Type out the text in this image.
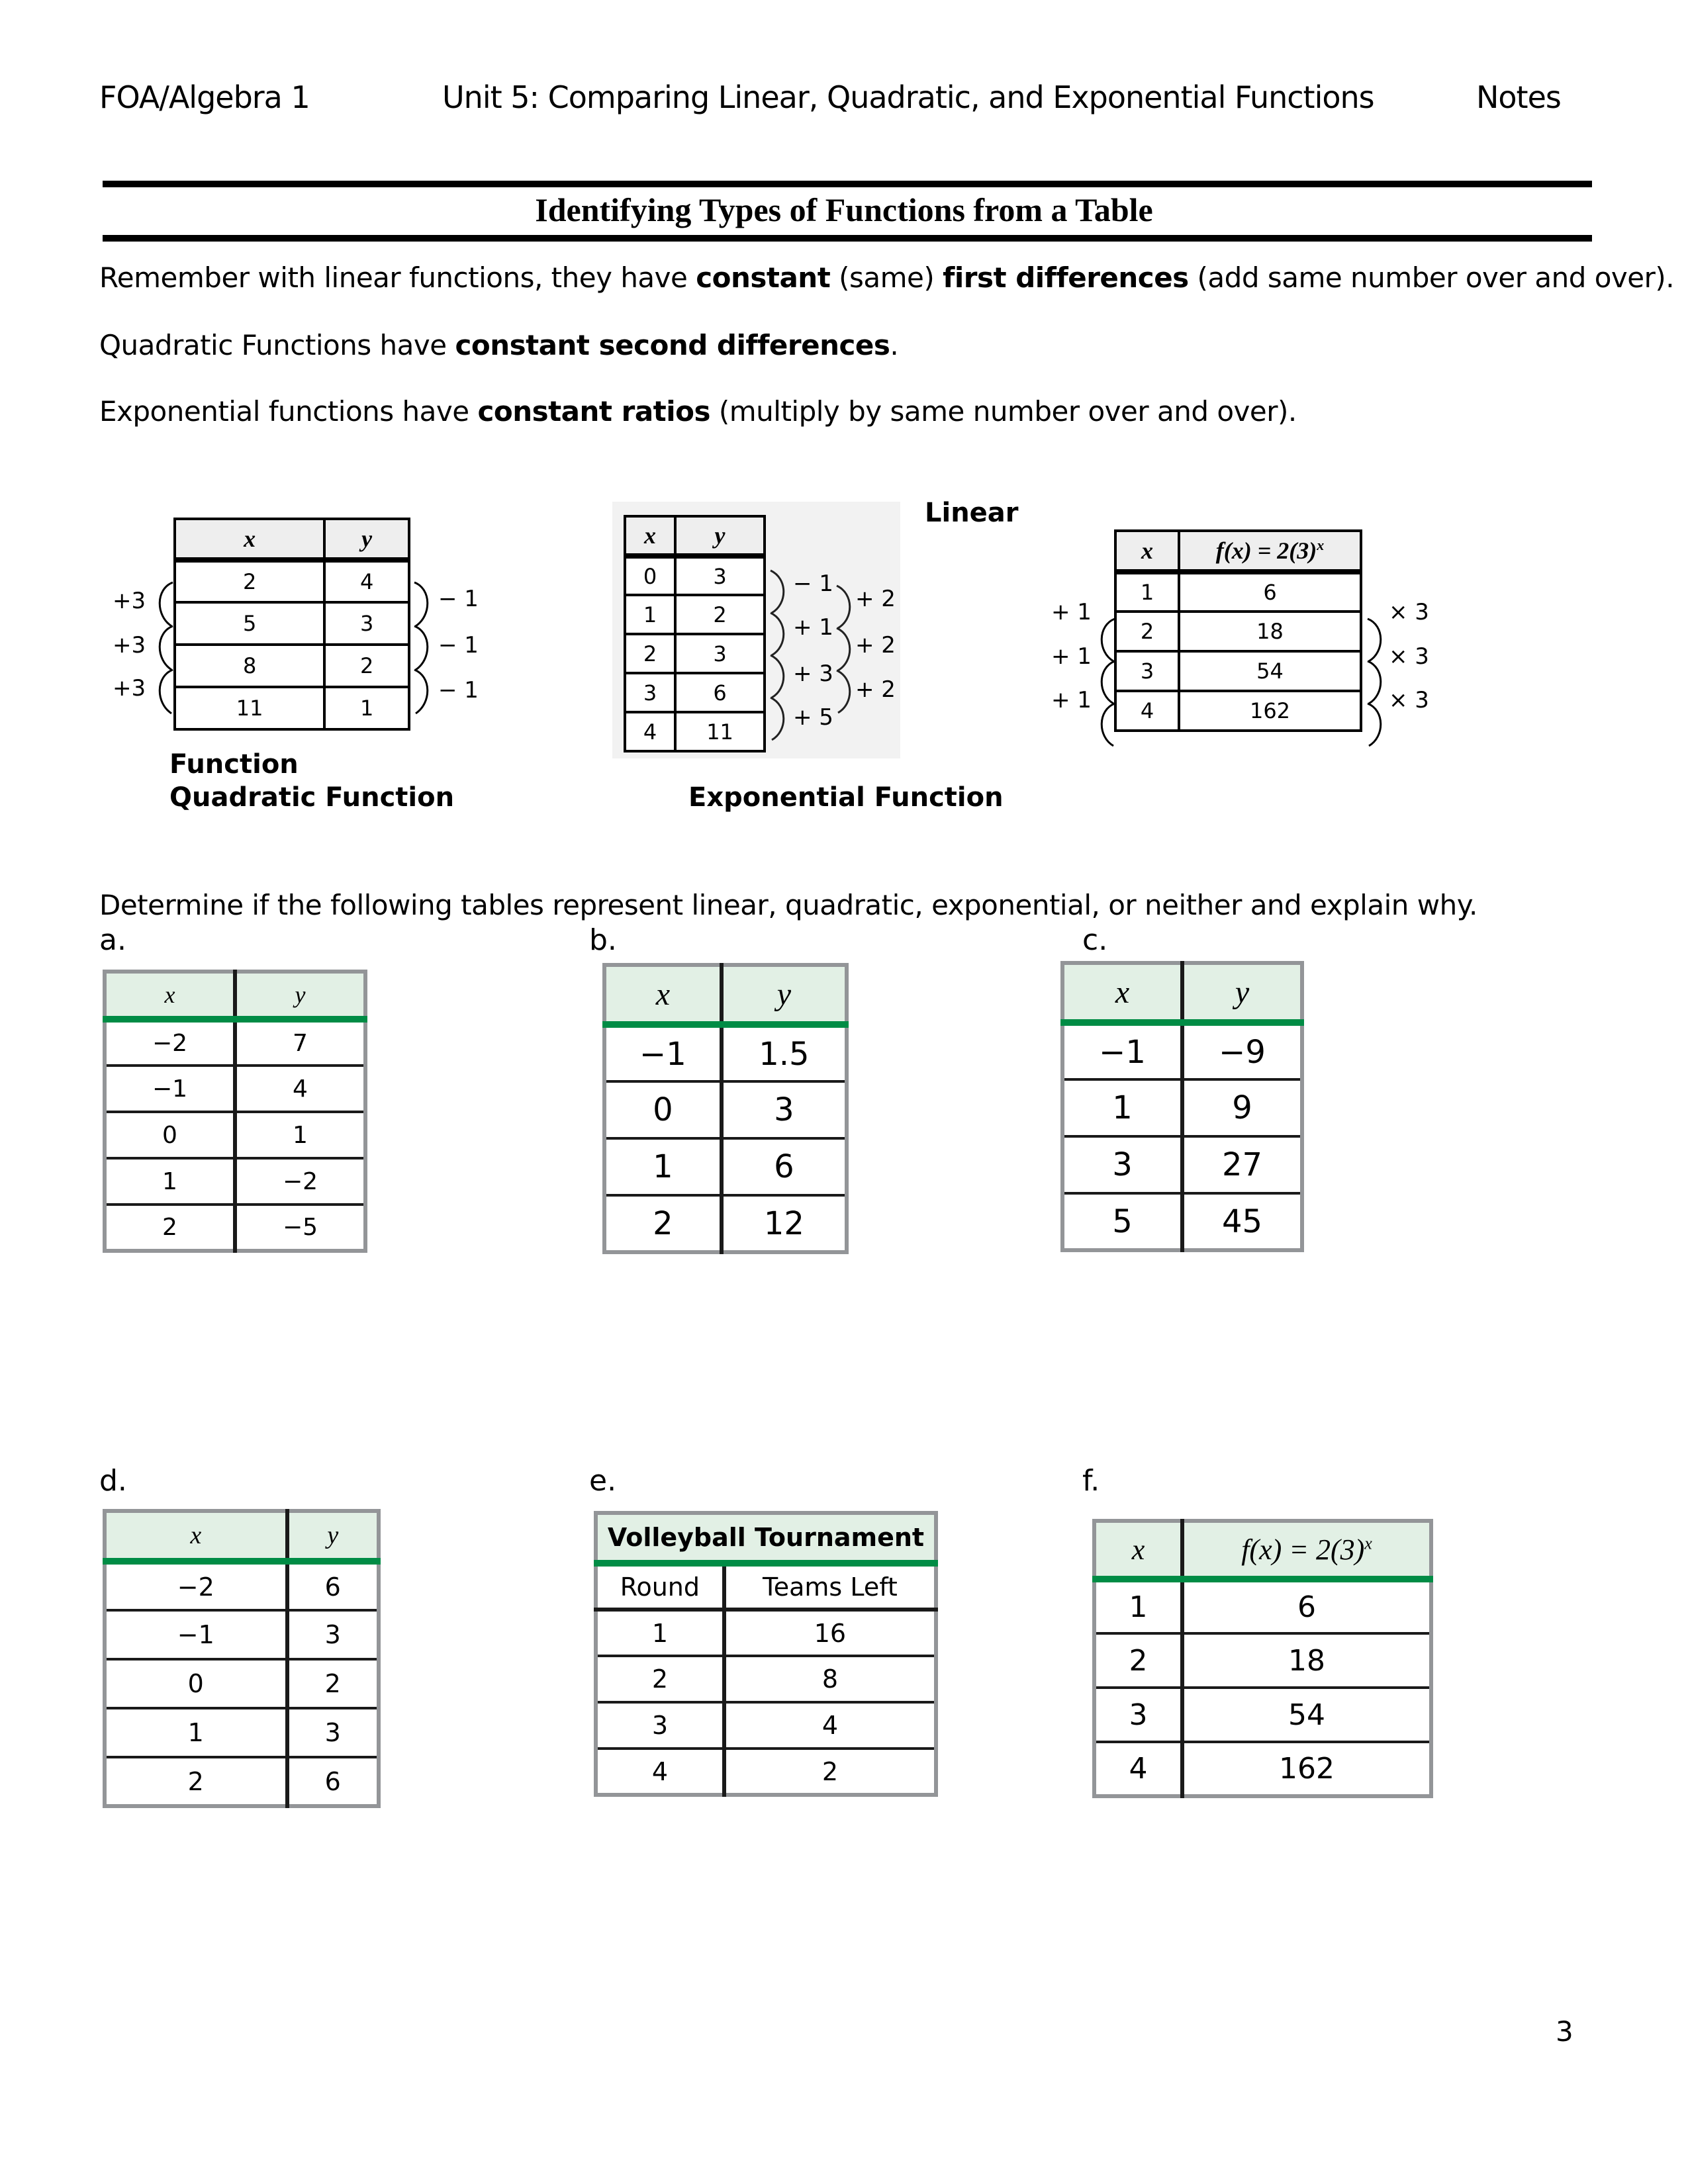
FOA/Algebra 1	Unit 5: Comparing Linear, Quadratic, and Exponential Functions	Notes
Identifying Types of Functions from a Table
Remember with linear functions, they have constant (same) first differences (add same number over and over).
Quadratic Functions have constant second differences.
Exponential functions have constant ratios (multiply by same number over and over).
x	y
2	4
5	3
8	2
11	1
+3
+3
+3
− 1
− 1
− 1
Linear
Function
x	y
0	3
1	2
2	3
3	6
4	11
− 1
+ 1
+ 3
+ 5
+ 2
+ 2
+ 2
Quadratic Function
x	$f(x) = 2(3)^x$
1	6
2	18
3	54
4	162
+ 1
+ 1
+ 1
× 3
× 3
× 3
Exponential Function
Determine if the following tables represent linear, quadratic, exponential, or neither and explain why.
a.
x	y
−2	7
−1	4
0	1
1	−2
2	−5
b.
x	y
−1	1.5
0	3
1	6
2	12
c.
x	y
−1	−9
1	9
3	27
5	45
d.
x	y
−2	6
−1	3
0	2
1	3
2	6
e.
Volleyball Tournament	
Round	Teams Left
1	16
2	8
3	4
4	2
f.
x	$f(x) = 2(3)^x$
1	6
2	18
3	54
4	162
3
